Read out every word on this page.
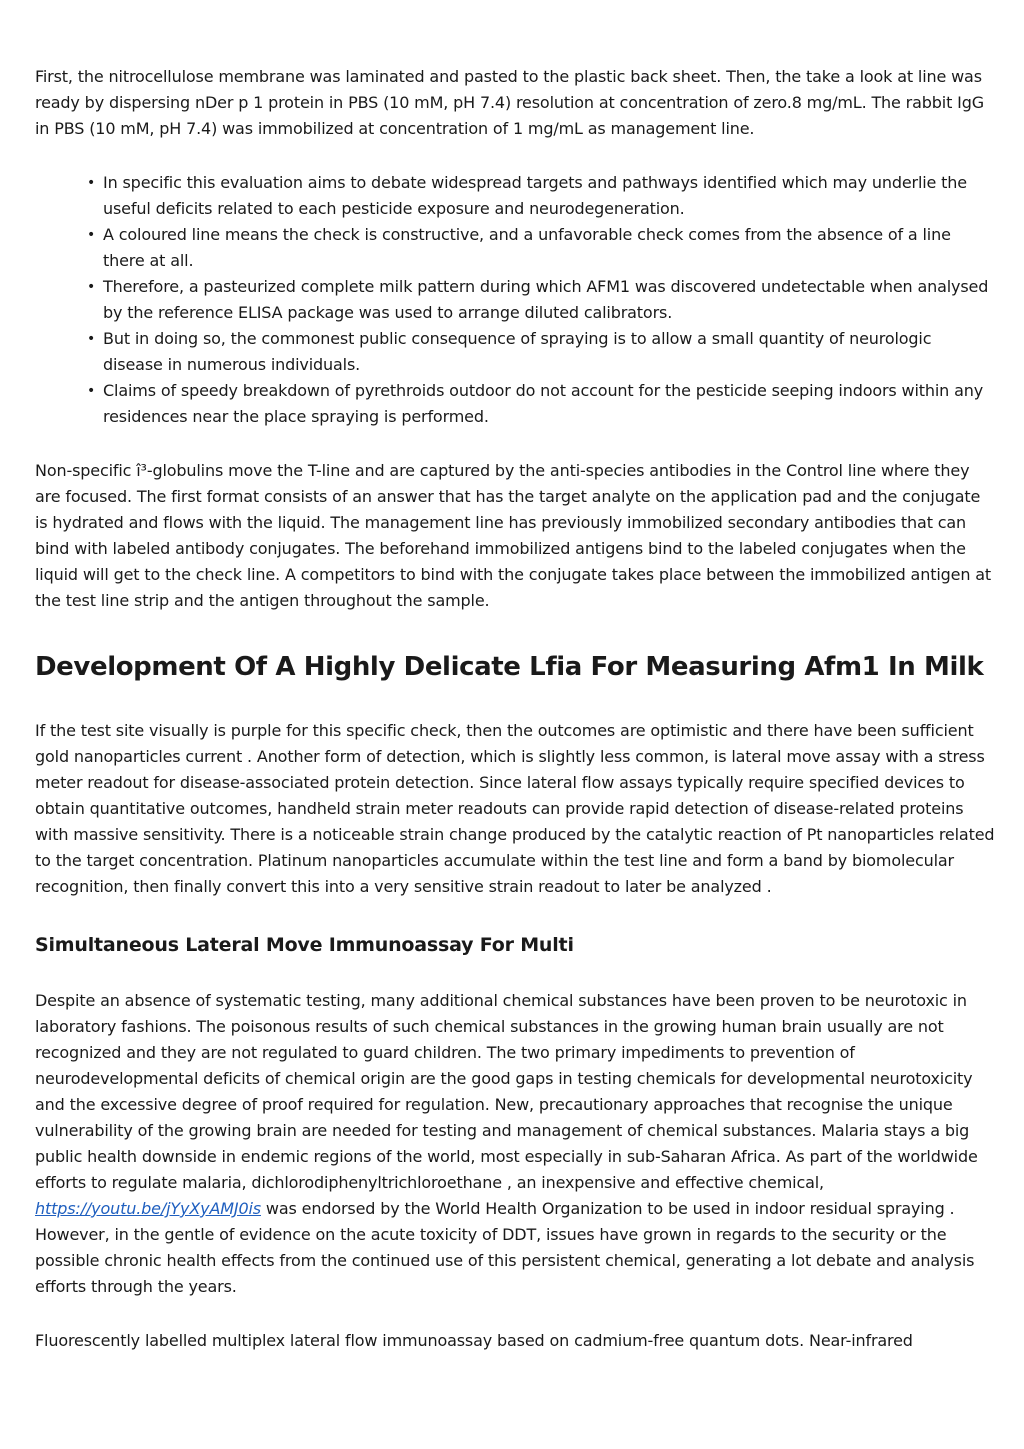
First, the nitrocellulose membrane was laminated and pasted to the plastic back sheet. Then, the take a look at line was ready by dispersing nDer p 1 protein in PBS (10 mM, pH 7.4) resolution at concentration of zero.8 mg/mL. The rabbit IgG in PBS (10 mM, pH 7.4) was immobilized at concentration of 1 mg/mL as management line.

• In specific this evaluation aims to debate widespread targets and pathways identified which may underlie the useful deficits related to each pesticide exposure and neurodegeneration.
• A coloured line means the check is constructive, and a unfavorable check comes from the absence of a line there at all.
• Therefore, a pasteurized complete milk pattern during which AFM1 was discovered undetectable when analysed by the reference ELISA package was used to arrange diluted calibrators.
• But in doing so, the commonest public consequence of spraying is to allow a small quantity of neurologic disease in numerous individuals.
• Claims of speedy breakdown of pyrethroids outdoor do not account for the pesticide seeping indoors within any residences near the place spraying is performed.

Non-specific î³-globulins move the T-line and are captured by the anti-species antibodies in the Control line where they are focused. The first format consists of an answer that has the target analyte on the application pad and the conjugate is hydrated and flows with the liquid. The management line has previously immobilized secondary antibodies that can bind with labeled antibody conjugates. The beforehand immobilized antigens bind to the labeled conjugates when the liquid will get to the check line. A competitors to bind with the conjugate takes place between the immobilized antigen at the test line strip and the antigen throughout the sample.

Development Of A Highly Delicate Lfia For Measuring Afm1 In Milk

If the test site visually is purple for this specific check, then the outcomes are optimistic and there have been sufficient gold nanoparticles current . Another form of detection, which is slightly less common, is lateral move assay with a stress meter readout for disease-associated protein detection. Since lateral flow assays typically require specified devices to obtain quantitative outcomes, handheld strain meter readouts can provide rapid detection of disease-related proteins with massive sensitivity. There is a noticeable strain change produced by the catalytic reaction of Pt nanoparticles related to the target concentration. Platinum nanoparticles accumulate within the test line and form a band by biomolecular recognition, then finally convert this into a very sensitive strain readout to later be analyzed .

Simultaneous Lateral Move Immunoassay For Multi

Despite an absence of systematic testing, many additional chemical substances have been proven to be neurotoxic in laboratory fashions. The poisonous results of such chemical substances in the growing human brain usually are not recognized and they are not regulated to guard children. The two primary impediments to prevention of neurodevelopmental deficits of chemical origin are the good gaps in testing chemicals for developmental neurotoxicity and the excessive degree of proof required for regulation. New, precautionary approaches that recognise the unique vulnerability of the growing brain are needed for testing and management of chemical substances. Malaria stays a big public health downside in endemic regions of the world, most especially in sub-Saharan Africa. As part of the worldwide efforts to regulate malaria, dichlorodiphenyltrichloroethane , an inexpensive and effective chemical, https://youtu.be/jYyXyAMJ0is was endorsed by the World Health Organization to be used in indoor residual spraying . However, in the gentle of evidence on the acute toxicity of DDT, issues have grown in regards to the security or the possible chronic health effects from the continued use of this persistent chemical, generating a lot debate and analysis efforts through the years.

Fluorescently labelled multiplex lateral flow immunoassay based on cadmium-free quantum dots. Near-infrared
